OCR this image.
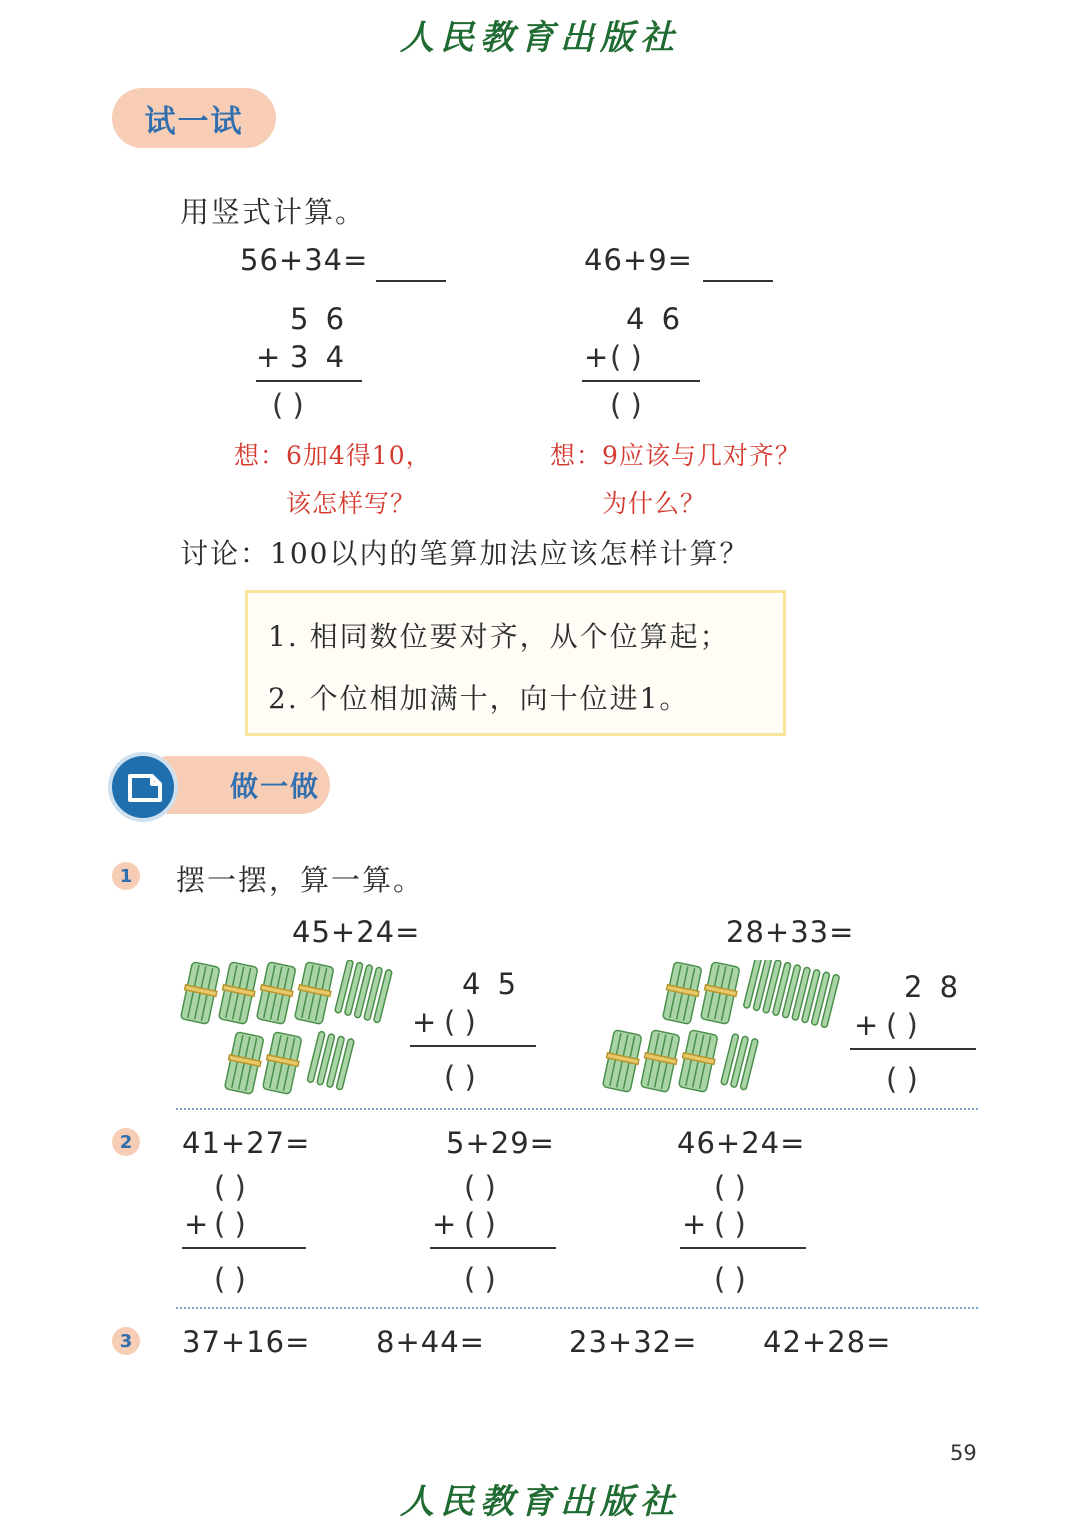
人民教育出版社
试一试
用竖式计算。
56+34=
5 6
+ 3 4
( )
想：6加4得10，
该怎样写？
46+9=
4 6
+ ( )
( )
想：9应该与几对齐？
为什么？
讨论：100以内的笔算加法应该怎样计算？
1. 相同数位要对齐，从个位算起；
2. 个位相加满十，向十位进1。
做一做
1 摆一摆，算一算。
45+24=	28+33=
4 5
+ ( )
( )
2 8
+ ( )
( )
2 41+27=
( )
+ ( )
( )
5+29=
( )
+ ( )
( )
46+24=
( )
+ ( )
( )
3 37+16= 8+44=	23+32= 42+28=
59
人民教育出版社
